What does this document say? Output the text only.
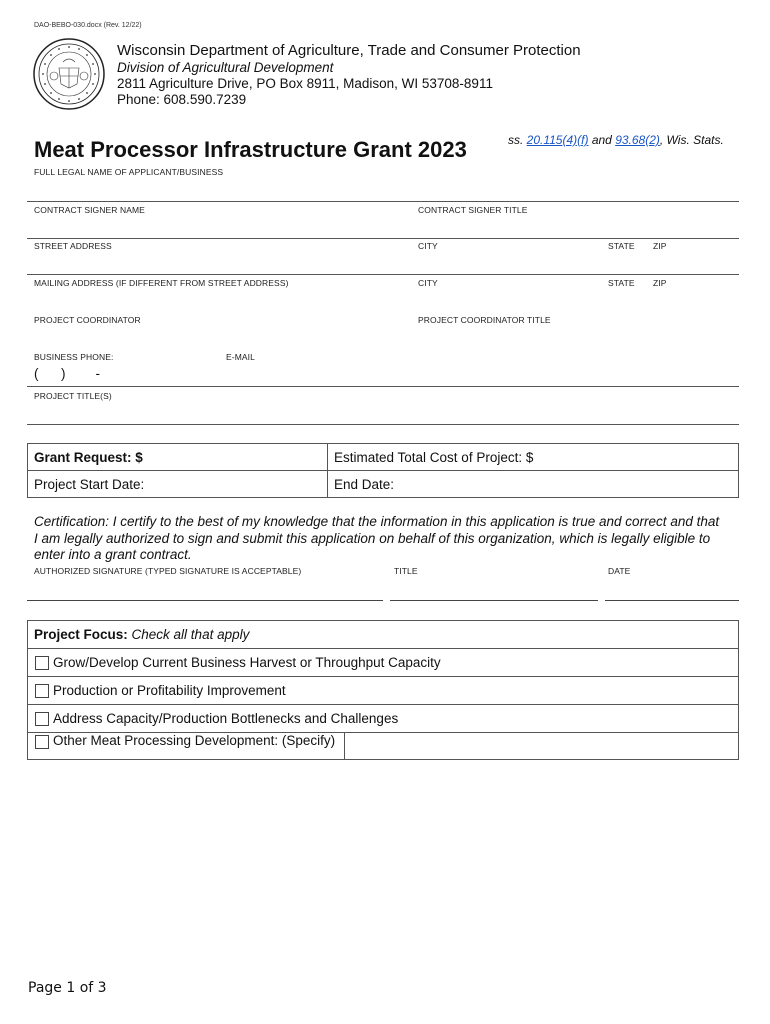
DAO-BEBO-030.docx (Rev. 12/22)
Wisconsin Department of Agriculture, Trade and Consumer Protection
Division of Agricultural Development
2811 Agriculture Drive, PO Box 8911, Madison, WI 53708-8911
Phone: 608.590.7239
Meat Processor Infrastructure Grant 2023	ss. 20.115(4)(f) and 93.68(2), Wis. Stats.
FULL LEGAL NAME OF APPLICANT/BUSINESS
CONTRACT SIGNER NAME	CONTRACT SIGNER TITLE
STREET ADDRESS	CITY	STATE ZIP
MAILING ADDRESS (IF DIFFERENT FROM STREET ADDRESS)	CITY	STATE ZIP
PROJECT COORDINATOR	PROJECT COORDINATOR TITLE
BUSINESS PHONE:	E-MAIL
(      )        -
PROJECT TITLE(S)
Grant Request: $	Estimated Total Cost of Project: $
Project Start Date:	End Date:
Certification: I certify to the best of my knowledge that the information in this application is true and correct and that I am legally authorized to sign and submit this application on behalf of this organization, which is legally eligible to enter into a grant contract.
AUTHORIZED SIGNATURE (TYPED SIGNATURE IS ACCEPTABLE)	TITLE	DATE
Project Focus: Check all that apply
Grow/Develop Current Business Harvest or Throughput Capacity
Production or Profitability Improvement
Address Capacity/Production Bottlenecks and Challenges
Other Meat Processing Development: (Specify)
Page 1 of 3
